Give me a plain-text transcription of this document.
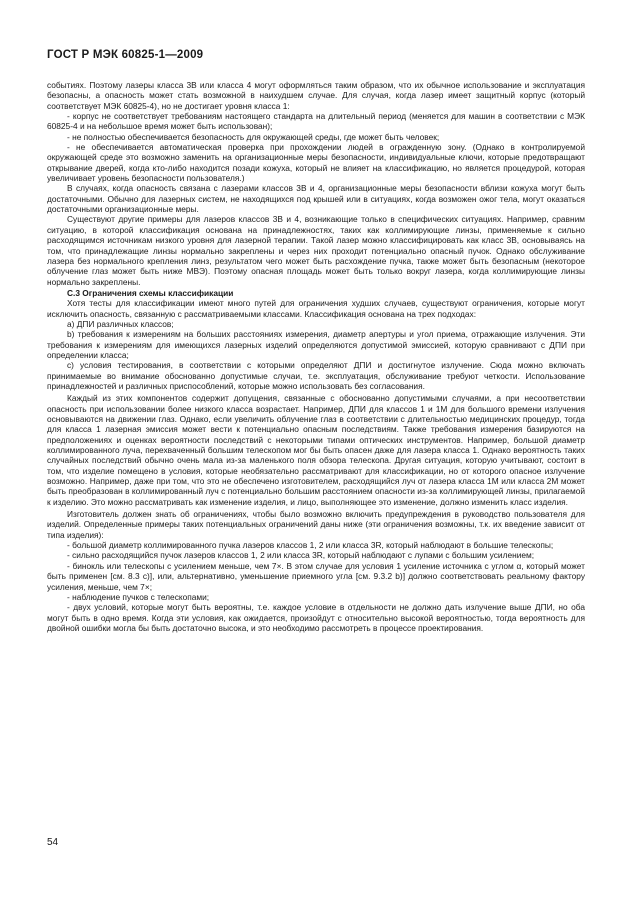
ГОСТ Р МЭК 60825-1—2009

событиях. Поэтому лазеры класса 3В или класса 4 могут оформляться таким образом, что их обычное использование и эксплуатация безопасны, а опасность может стать возможной в наихудшем случае. Для случая, когда лазер имеет защитный корпус (который соответствует МЭК 60825-4), но не достигает уровня класса 1:

- корпус не соответствует требованиям настоящего стандарта на длительный период (меняется для машин в соответствии с МЭК 60825-4 и на небольшое время может быть использован);

- не полностью обеспечивается безопасность для окружающей среды, где может быть человек;

- не обеспечивается автоматическая проверка при прохождении людей в огражденную зону. (Однако в контролируемой окружающей среде это возможно заменить на организационные меры безопасности, индивидуальные ключи, которые предотвращают открывание дверей, когда кто-либо находится позади кожуха, который не влияет на классификацию, но является процедурой, которая увеличивает уровень безопасности пользователя.)

В случаях, когда опасность связана с лазерами классов 3В и 4, организационные меры безопасности вблизи кожуха могут быть достаточными. Обычно для лазерных систем, не находящихся под крышей или в ситуациях, когда возможен ожог тела, могут оказаться достаточными организационные меры.

Существуют другие примеры для лазеров классов 3В и 4, возникающие только в специфических ситуациях. Например, сравним ситуацию, в которой классификация основана на принадлежностях, таких как коллимирующие линзы, применяемые к сильно расходящимся источникам низкого уровня для лазерной терапии. Такой лазер можно классифицировать как класс 3В, основываясь на том, что принадлежащие линзы нормально закреплены и через них проходит потенциально опасный пучок. Однако обслуживание лазера без нормального крепления линз, результатом чего может быть расхождение пучка, также может быть безопасным (некоторое облучение глаз может быть ниже МВЭ). Поэтому опасная площадь может быть только вокруг лазера, когда коллимирующие линзы нормально закреплены.

C.3 Ограничения схемы классификации

Хотя тесты для классификации имеют много путей для ограничения худших случаев, существуют ограничения, которые могут исключить опасность, связанную с рассматриваемыми классами. Классификация основана на трех подходах:

а) ДПИ различных классов;

b) требования к измерениям на больших расстояниях измерения, диаметр апертуры и угол приема, отражающие излучения. Эти требования к измерениям для имеющихся лазерных изделий определяются допустимой эмиссией, которую сравнивают с ДПИ при определении класса;

с) условия тестирования, в соответствии с которыми определяют ДПИ и достигнутое излучение. Сюда можно включать принимаемые во внимание обоснованно допустимые случаи, т.е. эксплуатация, обслуживание требуют четкости. Использование принадлежностей и различных приспособлений, которые можно использовать без согласования.

Каждый из этих компонентов содержит допущения, связанные с обоснованно допустимыми случаями, а при несоответствии опасность при использовании более низкого класса возрастает. Например, ДПИ для классов 1 и 1М для большого времени излучения основываются на движении глаз. Однако, если увеличить облучение глаз в соответствии с длительностью медицинских процедур, тогда для класса 1 лазерная эмиссия может вести к потенциально опасным последствиям. Также требования измерения базируются на предположениях и оценках вероятности последствий с некоторыми типами оптических инструментов. Например, большой диаметр коллимированного луча, перехваченный большим телескопом мог бы быть опасен даже для лазера класса 1. Однако вероятность таких случайных последствий обычно очень мала из-за маленького поля обзора телескопа. Другая ситуация, которую учитывают, состоит в том, что изделие помещено в условия, которые необязательно рассматривают для классификации, но от которого опасное излучение возможно. Например, даже при том, что это не обеспечено изготовителем, расходящийся луч от лазера класса 1М или класса 2М может быть преобразован в коллимированный луч с потенциально большим расстоянием опасности из-за коллимирующей линзы, прилагаемой к изделию. Это можно рассматривать как изменение изделия, и лицо, выполняющее это изменение, должно изменить класс изделия.

Изготовитель должен знать об ограничениях, чтобы было возможно включить предупреждения в руководство пользователя для изделий. Определенные примеры таких потенциальных ограничений даны ниже (эти ограничения возможны, т.к. их введение зависит от типа изделия):

- большой диаметр коллимированного пучка лазеров классов 1, 2 или класса 3R, который наблюдают в большие телескопы;

- сильно расходящийся пучок лазеров классов 1, 2 или класса 3R, который наблюдают с лупами с большим усилением;

- бинокль или телескопы с усилением меньше, чем 7×. В этом случае для условия 1 усиление источника с углом α, который может быть применен [см. 8.3 с)], или, альтернативно, уменьшение приемного угла [см. 9.3.2 b)] должно соответствовать реальному фактору усиления, меньше, чем 7×;

- наблюдение пучков с телескопами;

- двух условий, которые могут быть вероятны, т.е. каждое условие в отдельности не должно дать излучение выше ДПИ, но оба могут быть в одно время. Когда эти условия, как ожидается, произойдут с относительно высокой вероятностью, тогда вероятность для двойной ошибки могла бы быть достаточно высока, и это необходимо рассмотреть в процессе проектирования.

54
